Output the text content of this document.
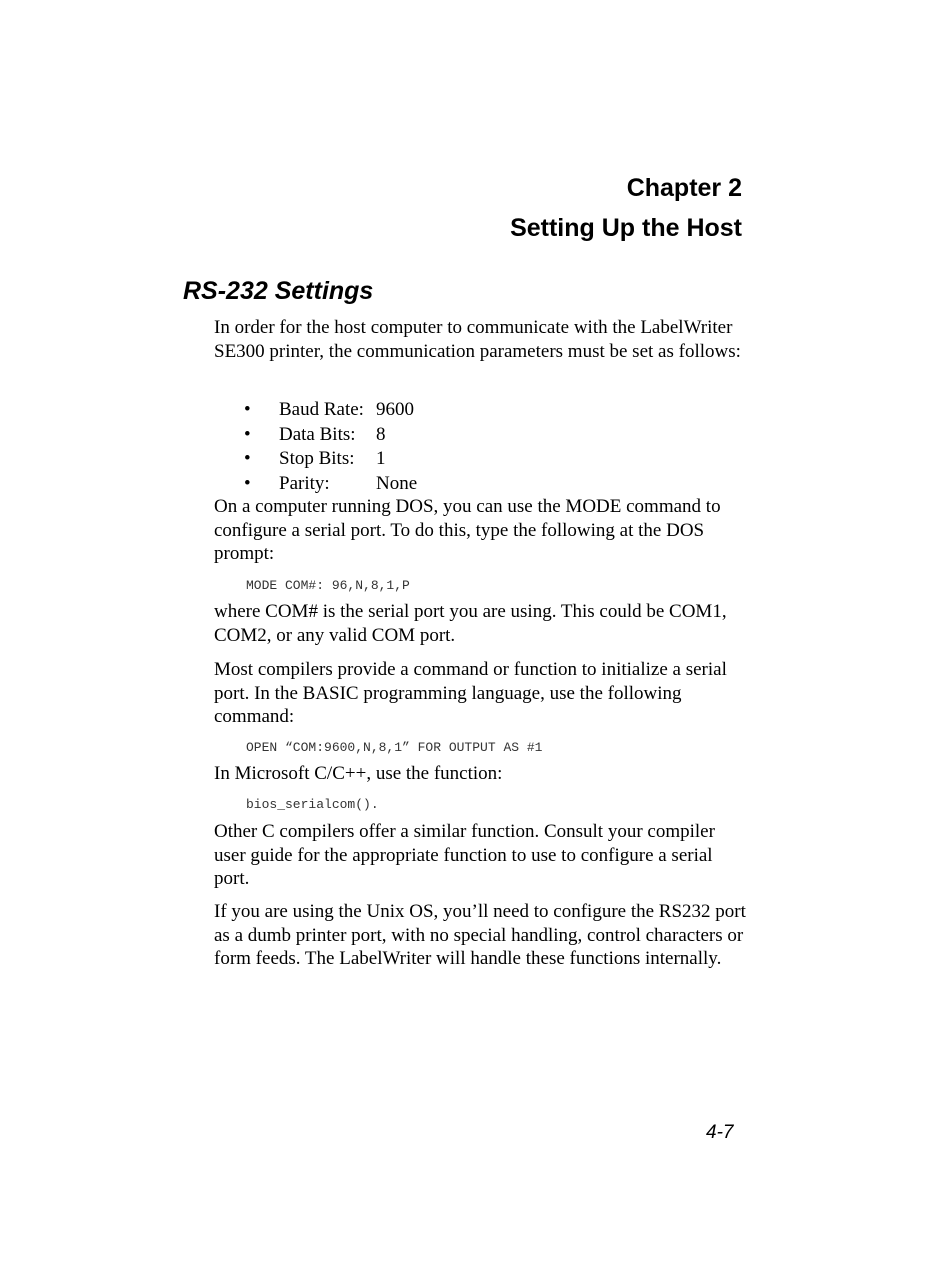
Chapter 2
Setting Up the Host
RS-232 Settings

In order for the host computer to communicate with the LabelWriter SE300 printer, the communication parameters must be set as follows:

• Baud Rate: 9600
• Data Bits: 8
• Stop Bits: 1
• Parity: None

On a computer running DOS, you can use the MODE command to configure a serial port. To do this, type the following at the DOS prompt:

MODE COM#: 96,N,8,1,P

where COM# is the serial port you are using. This could be COM1, COM2, or any valid COM port.

Most compilers provide a command or function to initialize a serial port. In the BASIC programming language, use the following command:

OPEN “COM:9600,N,8,1” FOR OUTPUT AS #1

In Microsoft C/C++, use the function:

bios_serialcom().

Other C compilers offer a similar function. Consult your compiler user guide for the appropriate function to use to configure a serial port.

If you are using the Unix OS, you’ll need to configure the RS232 port as a dumb printer port, with no special handling, control characters or form feeds. The LabelWriter will handle these functions internally.

4-7
